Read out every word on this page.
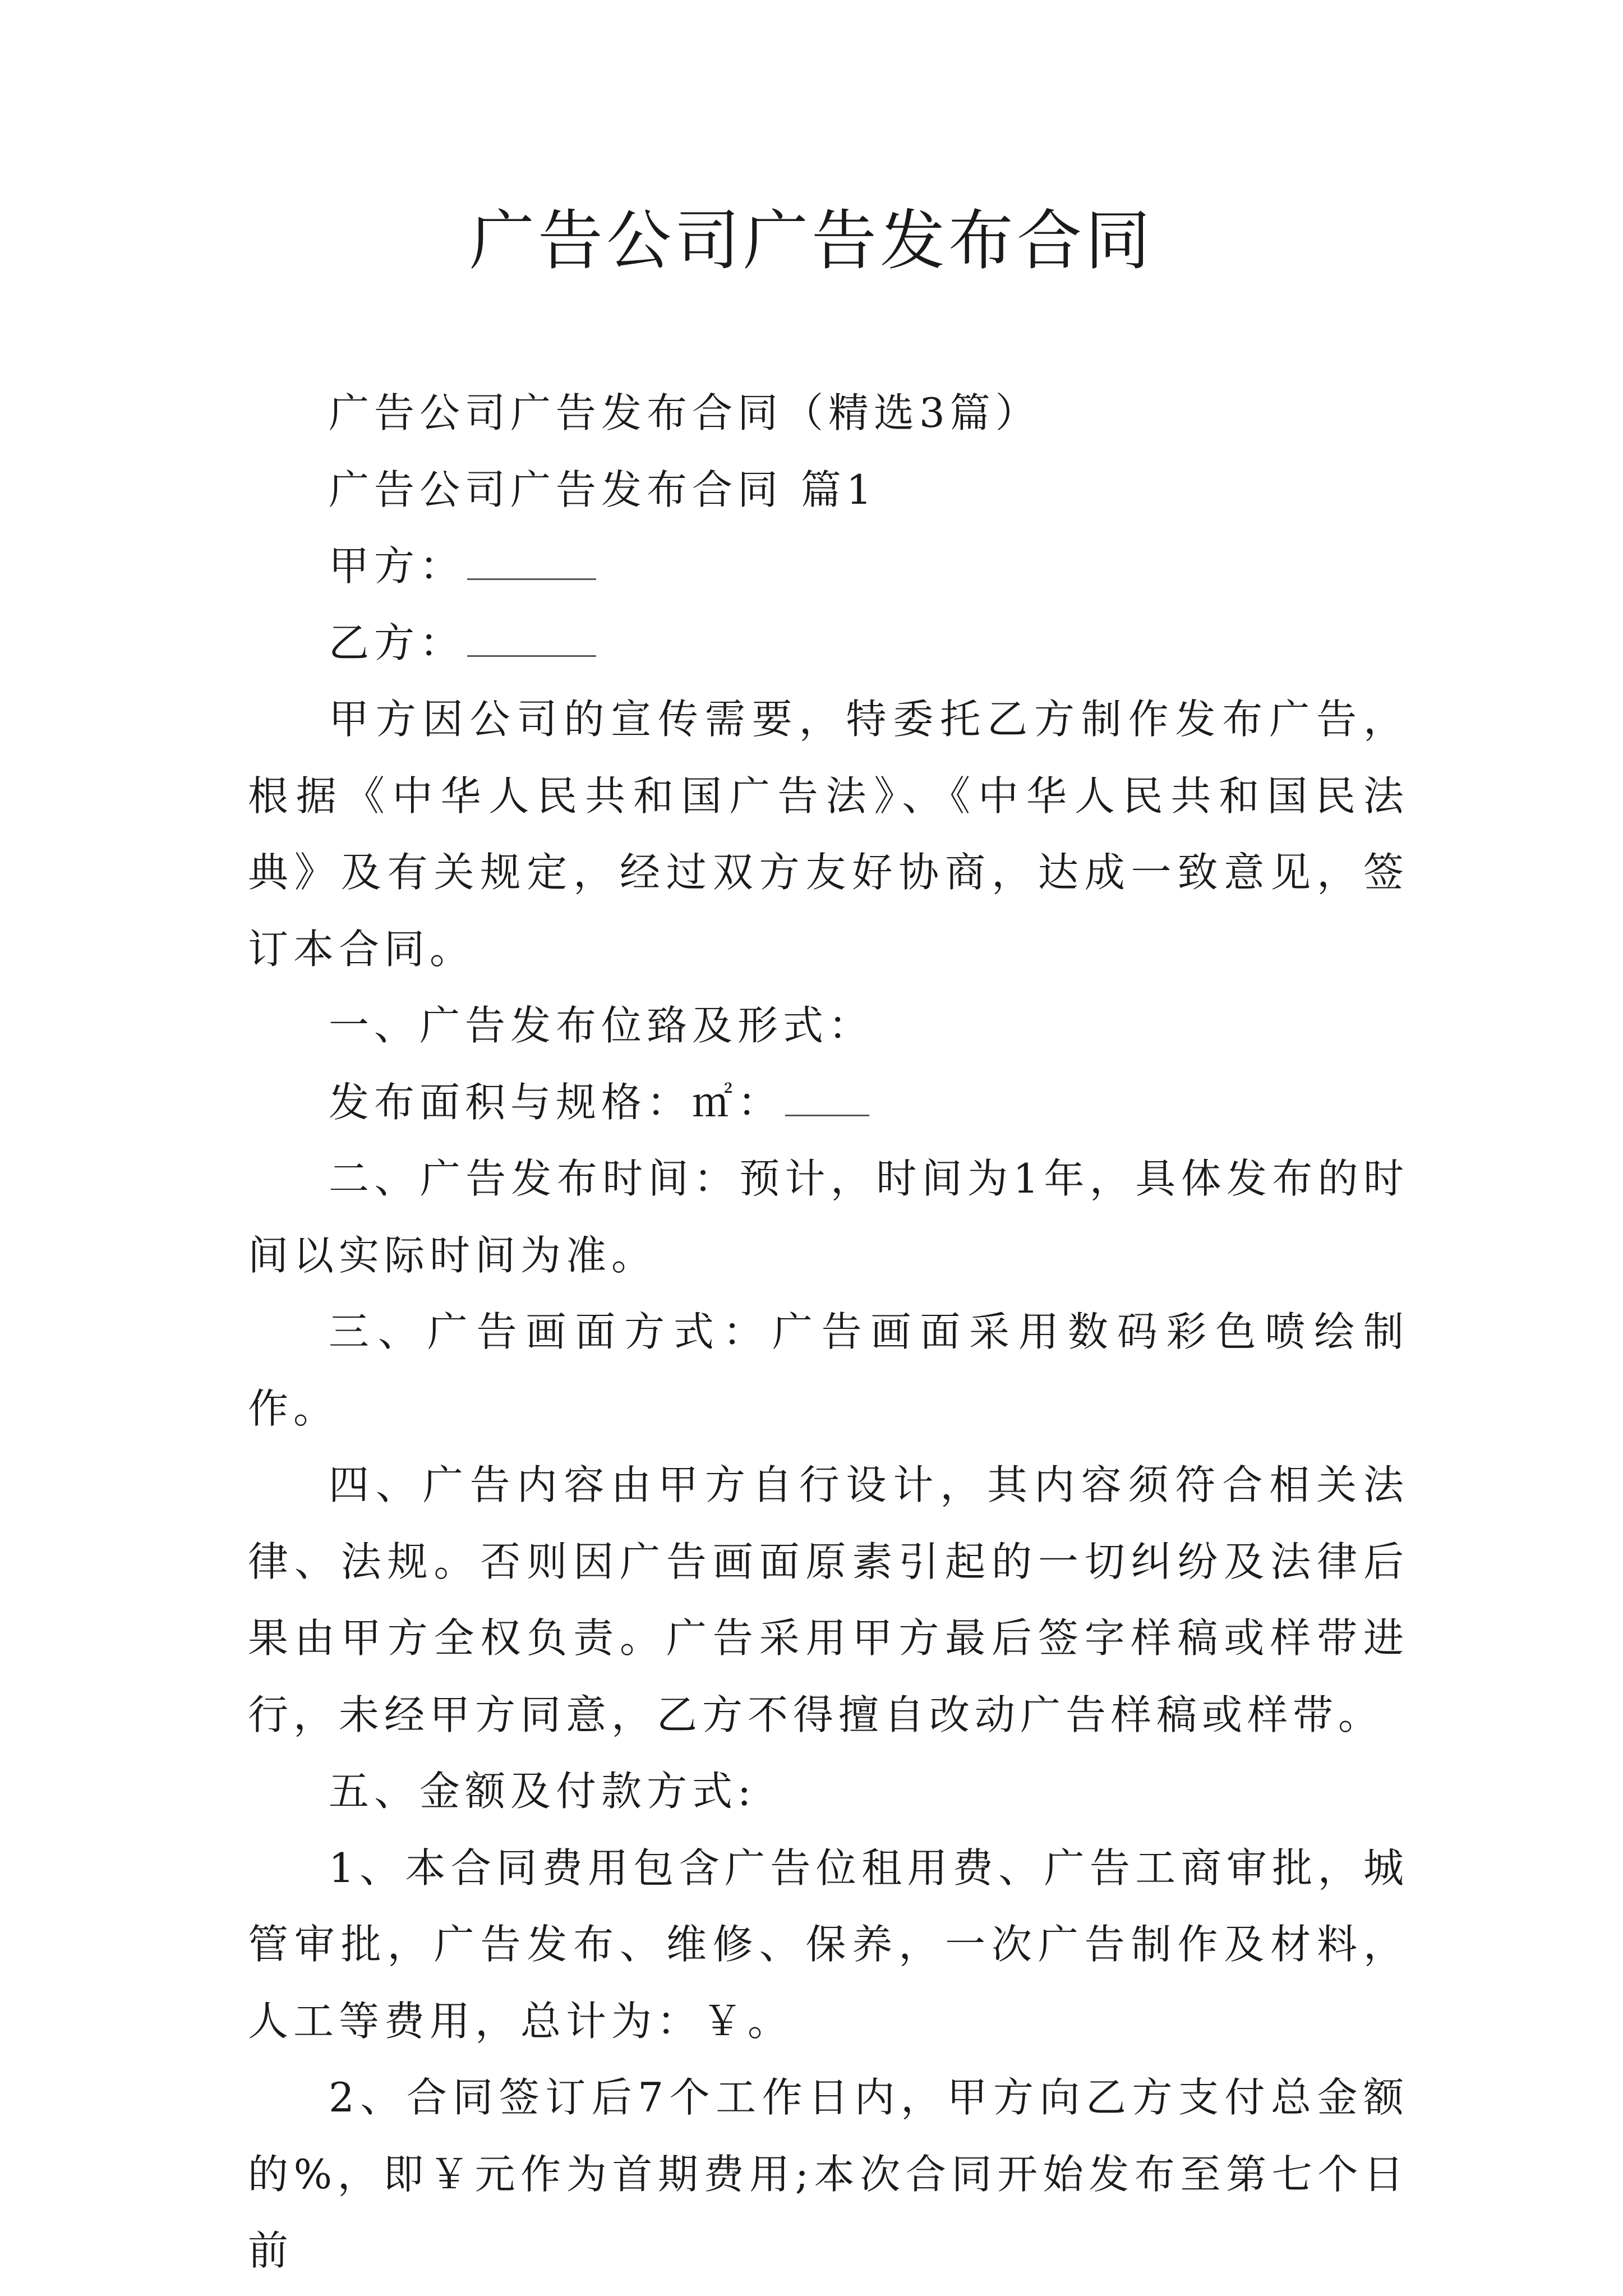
广告公司广告发布合同

广告公司广告发布合同（精选3篇）

广告公司广告发布合同 篇1

甲方：

乙方：

甲方因公司的宣传需要，特委托乙方制作发布广告，根据《中华人民共和国广告法》、《中华人民共和国民法典》及有关规定，经过双方友好协商，达成一致意见，签订本合同。

一、广告发布位臵及形式：

发布面积与规格：㎡：

二、广告发布时间：预计，时间为1年，具体发布的时间以实际时间为准。

三、广告画面方式：广告画面采用数码彩色喷绘制作。

四、广告内容由甲方自行设计，其内容须符合相关法律、法规。否则因广告画面原素引起的一切纠纷及法律后果由甲方全权负责。广告采用甲方最后签字样稿或样带进行，未经甲方同意，乙方不得擅自改动广告样稿或样带。

五、金额及付款方式:

1、本合同费用包含广告位租用费、广告工商审批，城管审批，广告发布、维修、保养，一次广告制作及材料，人工等费用，总计为：￥。

2、合同签订后7个工作日内，甲方向乙方支付总金额的%，即￥元作为首期费用;本次合同开始发布至第七个日前
